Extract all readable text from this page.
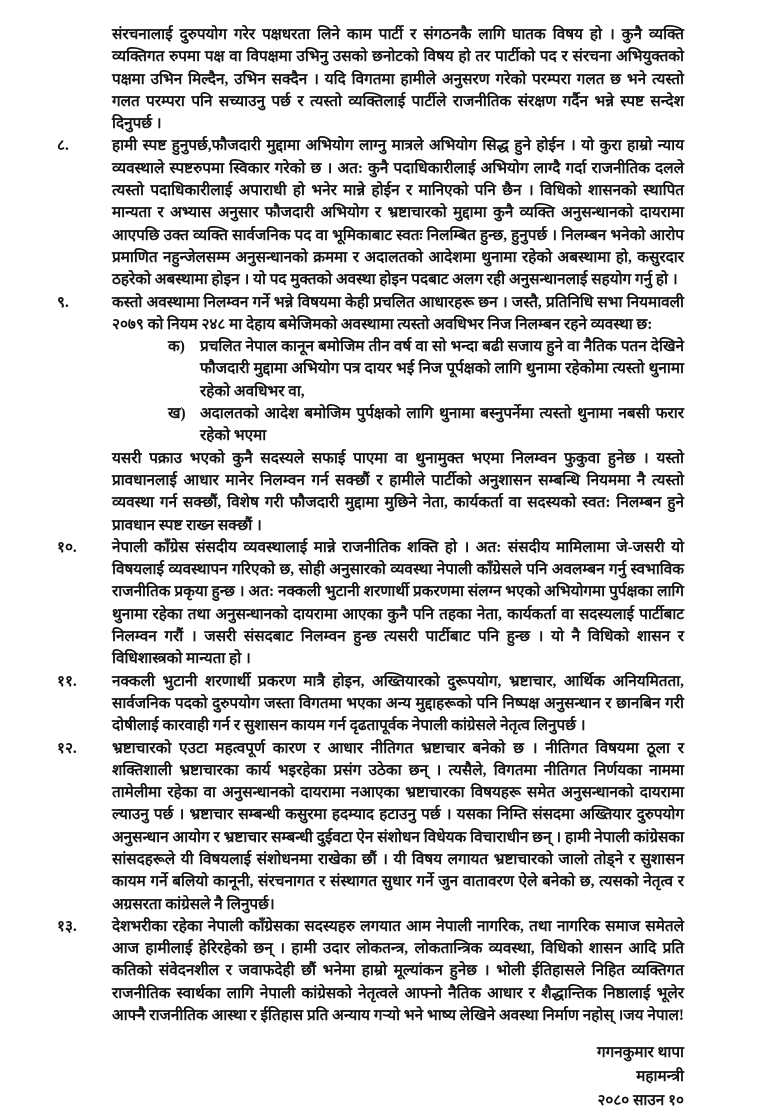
संरचनालाई दुरुपयोग गरेर पक्षधरता लिने काम पार्टी र संगठनकै लागि घातक विषय हो । कुनै व्यक्ति व्यक्तिगत रुपमा पक्ष वा विपक्षमा उभिनु उसको छनोटको विषय हो तर पार्टीको पद र संरचना अभियुक्तको पक्षमा उभिन मिल्दैन, उभिन सक्दैन । यदि विगतमा हामीले अनुसरण गरेको परम्परा गलत छ भने त्यस्तो गलत परम्परा पनि सच्याउनु पर्छ र त्यस्तो व्यक्तिलाई पार्टीले राजनीतिक संरक्षण गर्दैन भन्ने स्पष्ट सन्देश दिनुपर्छ ।

८.	हामी स्पष्ट हुनुपर्छ,फौजदारी मुद्दामा अभियोग लाग्नु मात्रले अभियोग सिद्ध हुने होईन । यो कुरा हाम्रो न्याय व्यवस्थाले स्पष्टरुपमा स्विकार गरेको छ । अत: कुनै पदाधिकारीलाई अभियोग लाग्दै गर्दा राजनीतिक दलले त्यस्तो पदाधिकारीलाई अपाराधी हो भनेर मान्ने होईन र मानिएको पनि छैन । विधिको शासनको स्थापित मान्यता र अभ्यास अनुसार फौजदारी अभियोग र भ्रष्टाचारको मुद्दामा कुनै व्यक्ति अनुसन्धानको दायरामा आएपछि उक्त व्यक्ति सार्वजनिक पद वा भूमिकाबाट स्वतः निलम्बित हुन्छ, हुनुपर्छ । निलम्बन भनेको आरोप प्रमाणित नहुन्जेलसम्म अनुसन्धानको क्रममा र अदालतको आदेशमा थुनामा रहेको अबस्थामा हो, कसुरदार ठहरेको अबस्थामा होइन । यो पद मुक्तको अवस्था होइन पदबाट अलग रही अनुसन्धानलाई सहयोग गर्नु हो ।

९.	कस्तो अवस्थामा निलम्वन गर्ने भन्ने विषयमा केही प्रचलित आधारहरू छन । जस्तै, प्रतिनिधि सभा नियमावली २०७९ को नियम २४८ मा देहाय बमेजिमको अवस्थामा त्यस्तो अवधिभर निज निलम्बन रहने व्यवस्था छ:

क) प्रचलित नेपाल कानून बमोजिम तीन वर्ष वा सो भन्दा बढी सजाय हुने वा नैतिक पतन देखिने फौजदारी मुद्दामा अभियोग पत्र दायर भई निज पूर्पक्षको लागि थुनामा रहेकोमा त्यस्तो थुनामा रहेको अवधिभर वा,

ख) अदालतको आदेश बमोजिम पुर्पक्षको लागि थुनामा बस्नुपर्नेमा त्यस्तो थुनामा नबसी फरार रहेको भएमा

यसरी पक्राउ भएको कुनै सदस्यले सफाई पाएमा वा थुनामुक्त भएमा निलम्वन फुकुवा हुनेछ । यस्तो प्रावधानलाई आधार मानेर निलम्वन गर्न सक्छौं र हामीले पार्टीको अनुशासन सम्बन्धि नियममा नै त्यस्तो व्यवस्था गर्न सक्छौं, विशेष गरी फौजदारी मुद्दामा मुछिने नेता, कार्यकर्ता वा सदस्यको स्वत: निलम्बन हुने प्रावधान स्पष्ट राख्न सक्छौं ।

१०.	नेपाली काँग्रेस संसदीय व्यवस्थालाई मान्ने राजनीतिक शक्ति हो । अत: संसदीय मामिलामा जे-जसरी यो विषयलाई व्यवस्थापन गरिएको छ, सोही अनुसारको व्यवस्था नेपाली काँग्रेसले पनि अवलम्बन गर्नु स्वभाविक राजनीतिक प्रकृया हुन्छ । अत: नक्कली भुटानी शरणार्थी प्रकरणमा संलग्न भएको अभियोगमा पुर्पक्षका लागि थुनामा रहेका तथा अनुसन्धानको दायरामा आएका कुनै पनि तहका नेता, कार्यकर्ता वा सदस्यलाई पार्टीबाट निलम्वन गरौं । जसरी संसदबाट निलम्वन हुन्छ त्यसरी पार्टीबाट पनि हुन्छ । यो नै विधिको शासन र विधिशास्त्रको मान्यता हो ।

११.	नक्कली भुटानी शरणार्थी प्रकरण मात्रै होइन, अख्तियारको दुरूपयोग, भ्रष्टाचार, आर्थिक अनियमितता, सार्वजनिक पदको दुरुपयोग जस्ता विगतमा भएका अन्य मुद्दाहरूको पनि निष्पक्ष अनुसन्धान र छानबिन गरी दोषीलाई कारवाही गर्न र सुशासन कायम गर्न दृढतापूर्वक नेपाली कांग्रेसले नेतृत्व लिनुपर्छ ।

१२.	भ्रष्टाचारको एउटा महत्वपूर्ण कारण र आधार नीतिगत भ्रष्टाचार बनेको छ । नीतिगत विषयमा ठूला र शक्तिशाली भ्रष्टाचारका कार्य भइरहेका प्रसंग उठेका छन् । त्यसैले, विगतमा नीतिगत निर्णयका नाममा तामेलीमा रहेका वा अनुसन्धानको दायरामा नआएका भ्रष्टाचारका विषयहरू समेत अनुसन्धानको दायरामा ल्याउनु पर्छ । भ्रष्टाचार सम्बन्धी कसुरमा हदम्याद हटाउनु पर्छ । यसका निम्ति संसदमा अख्तियार दुरुपयोग अनुसन्धान आयोग र भ्रष्टाचार सम्बन्धी दुईवटा ऐन संशोधन विधेयक विचाराधीन छन् । हामी नेपाली कांग्रेसका सांसदहरूले यी विषयलाई संशोधनमा राखेका छौं । यी विषय लगायत भ्रष्टाचारको जालो तोड्ने र सुशासन कायम गर्ने बलियो कानूनी, संरचनागत र संस्थागत सुधार गर्ने जुन वातावरण ऐले बनेको छ, त्यसको नेतृत्व र अग्रसरता कांग्रेसले नै लिनुपर्छ।

१३.	देशभरीका रहेका नेपाली काँग्रेसका सदस्यहरु लगयात आम नेपाली नागरिक, तथा नागरिक समाज समेतले आज हामीलाई हेरिरहेको छन् । हामी उदार लोकतन्त्र, लोकतान्त्रिक व्यवस्था, विधिको शासन आदि प्रति कतिको संवेदनशील र जवाफदेही छौं भनेमा हाम्रो मूल्यांकन हुनेछ । भोली ईतिहासले निहित व्यक्तिगत राजनीतिक स्वार्थका लागि नेपाली कांग्रेसको नेतृत्वले आफ्नो नैतिक आधार र शैद्धान्तिक निष्ठालाई भूलेर आफ्नै राजनीतिक आस्था र ईतिहास प्रति अन्याय गऱ्यो भने भाष्य लेखिने अवस्था निर्माण नहोस् ।जय नेपाल!

गगनकुमार थापा

महामन्त्री

२०८० साउन १०
